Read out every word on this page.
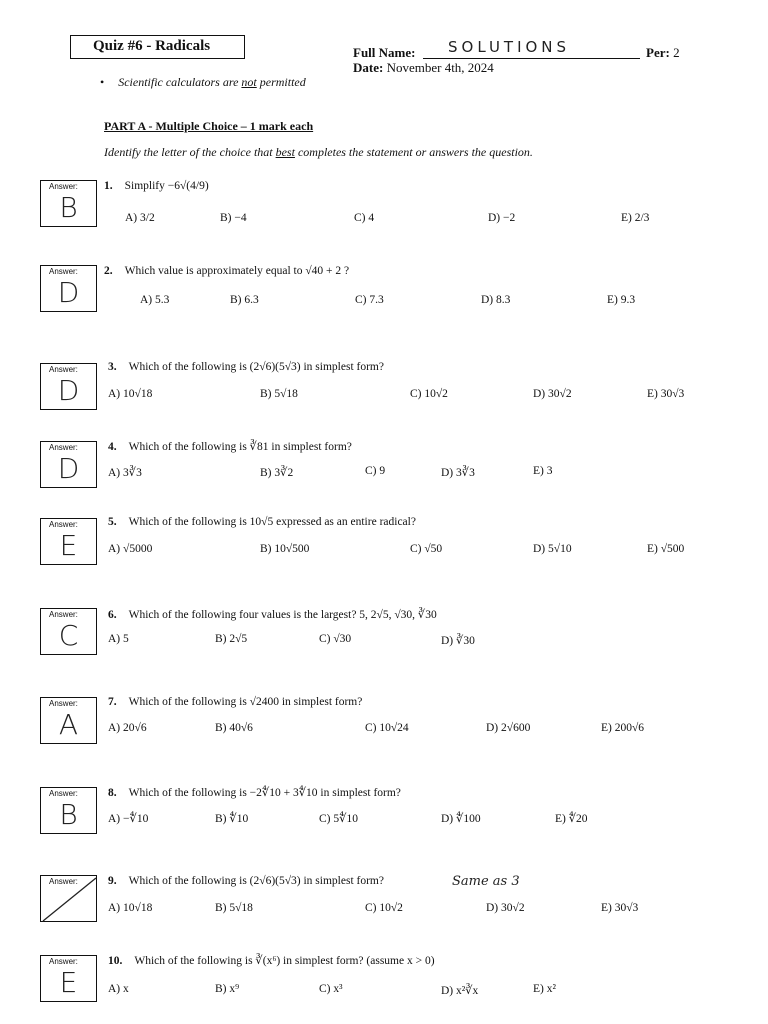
Quiz #6 - Radicals	Full Name: SOLUTIONS	Per: 2
Date: November 4th, 2024
• Scientific calculators are not permitted
PART A - Multiple Choice – 1 mark each
Identify the letter of the choice that best completes the statement or answers the question.
Answer:
B
1. Simplify −6√(4/9)
A) 3/2	B) −4	C) 4	D) −2	E) 2/3
Answer:
D
2. Which value is approximately equal to √40 + 2 ?
A) 5.3	B) 6.3	C) 7.3	D) 8.3	E) 9.3
Answer:
D
3. Which of the following is (2√6)(5√3) in simplest form?
A) 10√18	B) 5√18	C) 10√2	D) 30√2	E) 30√3
Answer:
D
4. Which of the following is ∛81 in simplest form?
A) 3∛3	B) 3∛2	C) 9	D) 3∛3	E) 3
Answer:
E
5. Which of the following is 10√5 expressed as an entire radical?
A) √5000	B) 10√500	C) √50	D) 5√10	E) √500
Answer:
C
6. Which of the following four values is the largest? 5, 2√5, √30, ∛30
A) 5	B) 2√5	C) √30	D) ∛30
Answer:
A
7. Which of the following is √2400 in simplest form?
A) 20√6	B) 40√6	C) 10√24	D) 2√600	E) 200√6
Answer:
B
8. Which of the following is −2∜10 + 3∜10 in simplest form?
A) −∜10	B) ∜10	C) 5∜10	D) ∜100	E) ∜20
Answer:	9. Which of the following is (2√6)(5√3) in simplest form?	Same as 3
A) 10√18	B) 5√18	C) 10√2	D) 30√2	E) 30√3
Answer:
E
10. Which of the following is ∛(x⁶) in simplest form? (assume x > 0)
A) x	B) x⁹	C) x³	D) x²∛x	E) x²
